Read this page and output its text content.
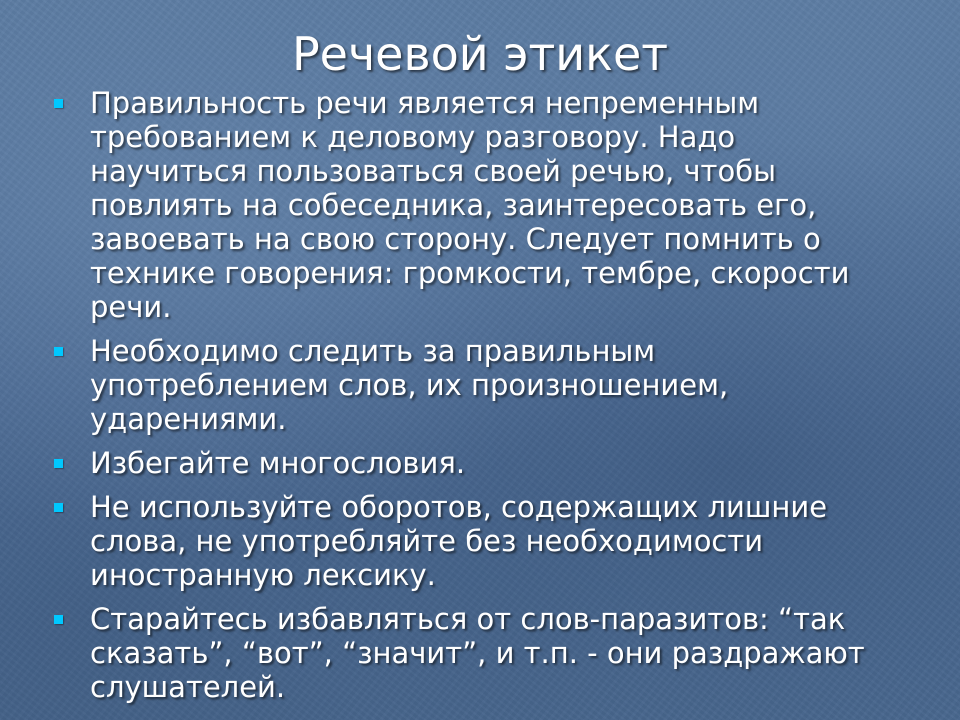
Речевой этикет
Правильность речи является непременным
требованием к деловому разговору. Надо
научиться пользоваться своей речью, чтобы
повлиять на собеседника, заинтересовать его,
завоевать на свою сторону. Следует помнить о
технике говорения: громкости, тембре, скорости
речи.
Необходимо следить за правильным
употреблением слов, их произношением,
ударениями.
Избегайте многословия.
Не используйте оборотов, содержащих лишние
слова, не употребляйте без необходимости
иностранную лексику.
Старайтесь избавляться от слов-паразитов: “так
сказать”, “вот”, “значит”, и т.п. - они раздражают
слушателей.
